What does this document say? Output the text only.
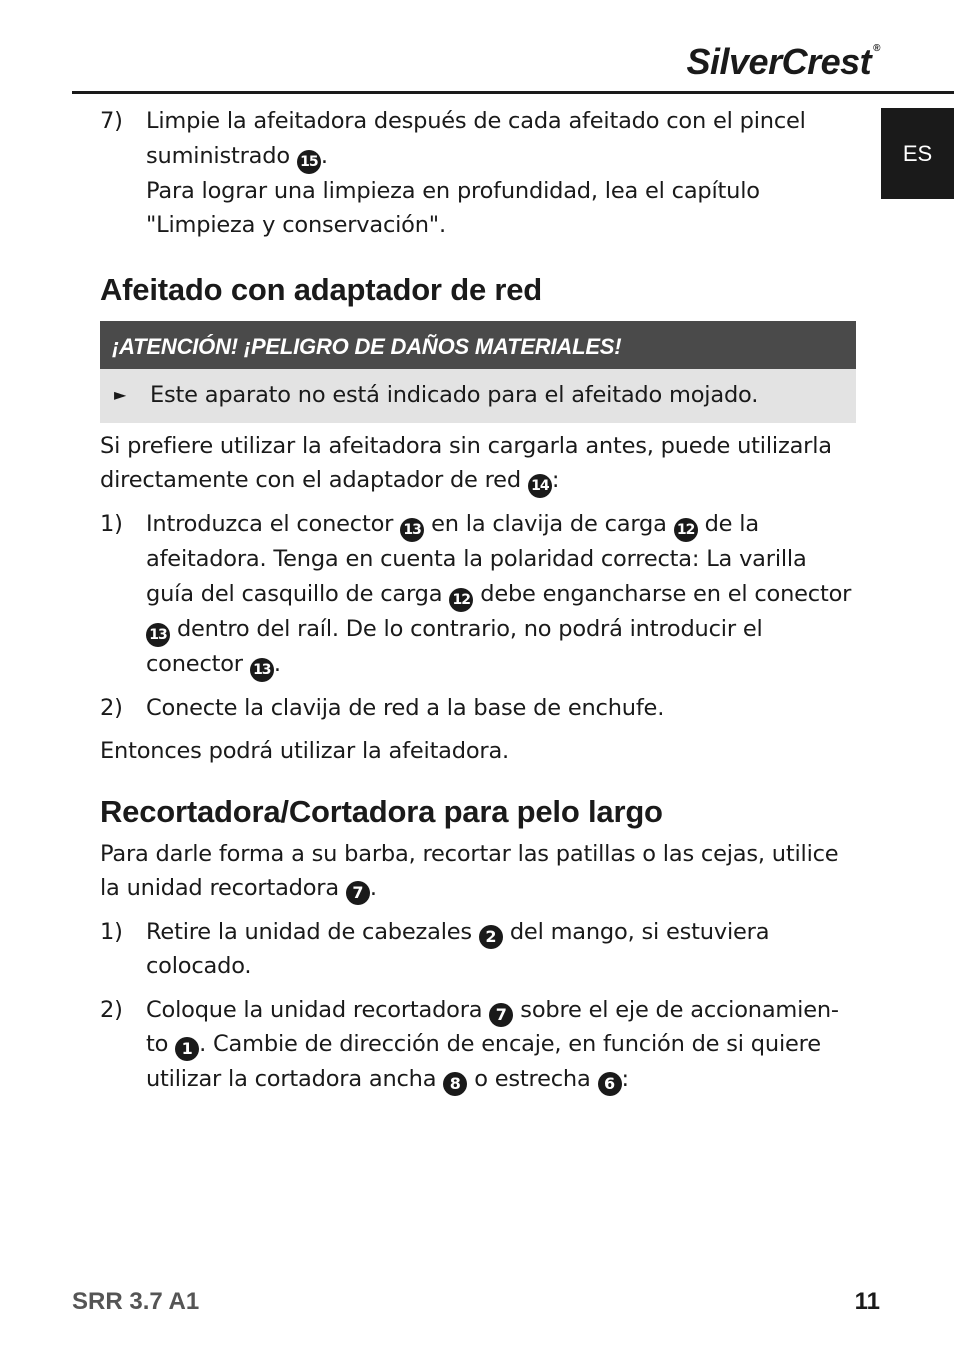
SilverCrest ®
ES
7)	Limpie la afeitadora después de cada afeitado con el pincel suministrado 15 .
Para lograr una limpieza en profundidad, lea el capítulo "Limpieza y conservación".
Afeitado con adaptador de red
¡ATENCIÓN! ¡PELIGRO DE DAÑOS MATERIALES!
►	Este aparato no está indicado para el afeitado mojado.

Si prefiere utilizar la afeitadora sin cargarla antes, puede utilizarla directamente con el adaptador de red 14 :

1)	Introduzca el conector 13 en la clavija de carga 12 de la afeitadora. Tenga en cuenta la polaridad correcta: La varilla guía del casquillo de carga 12 debe engancharse en el conector 13 dentro del raíl. De lo contrario, no podrá introducir el conector 13 .
2)	Conecte la clavija de red a la base de enchufe.

Entonces podrá utilizar la afeitadora.

Recortadora/Cortadora para pelo largo

Para darle forma a su barba, recortar las patillas o las cejas, utilice la unidad recortadora 7 .

1)	Retire la unidad de cabezales 2 del mango, si estuviera colocado.
2)	Coloque la unidad recortadora 7 sobre el eje de accionamien-to 1 . Cambie de dirección de encaje, en función de si quiere utilizar la cortadora ancha 8 o estrecha 6 :
SRR 3.7 A1	11
